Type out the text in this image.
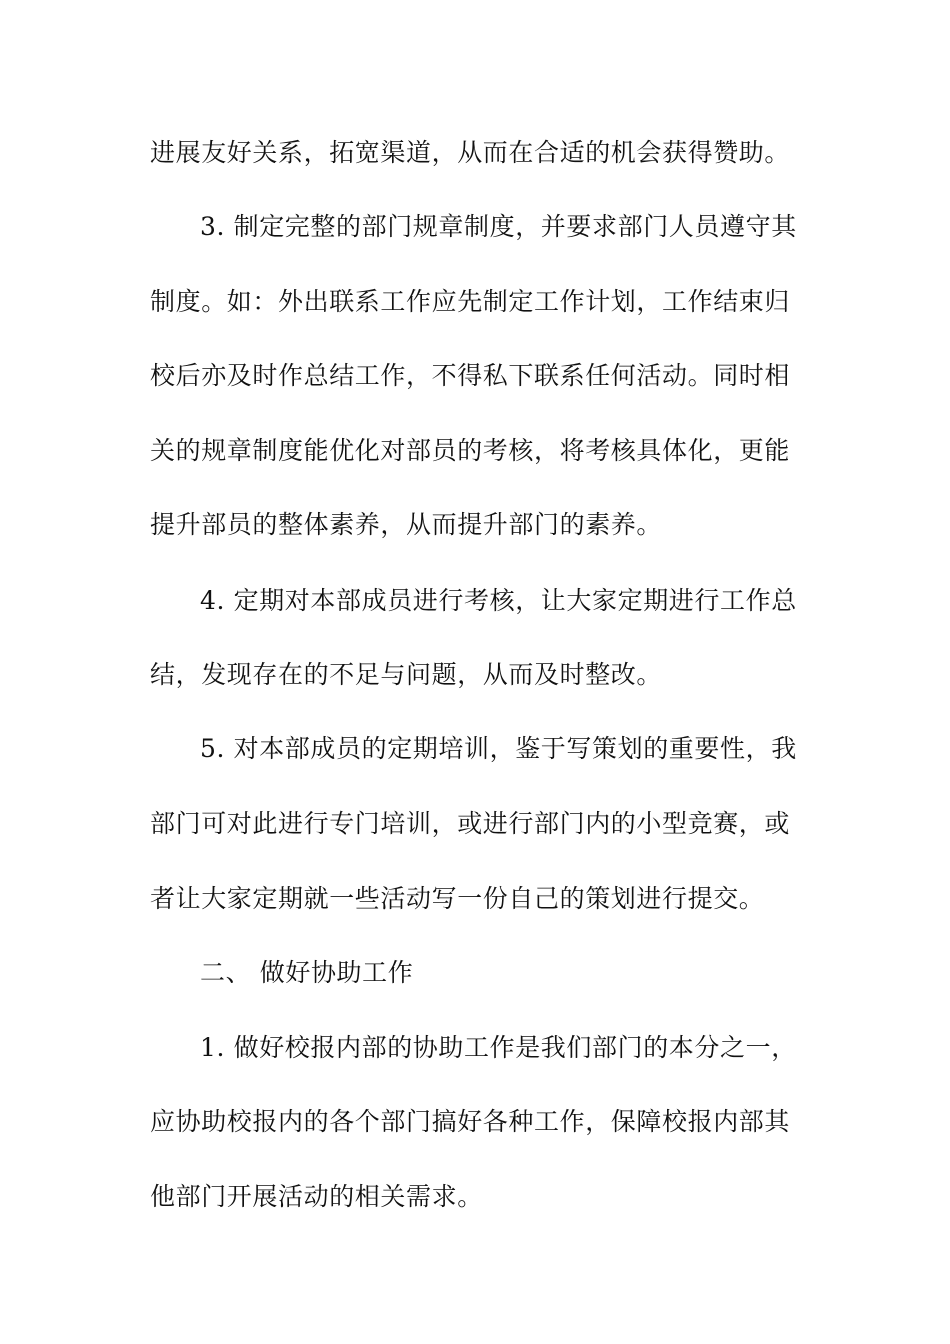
进展友好关系，拓宽渠道，从而在合适的机会获得赞助。
3. 制定完整的部门规章制度，并要求部门人员遵守其
制度。如：外出联系工作应先制定工作计划，工作结束归
校后亦及时作总结工作，不得私下联系任何活动。同时相
关的规章制度能优化对部员的考核，将考核具体化，更能
提升部员的整体素养，从而提升部门的素养。
4. 定期对本部成员进行考核，让大家定期进行工作总
结，发现存在的不足与问题，从而及时整改。
5. 对本部成员的定期培训，鉴于写策划的重要性，我
部门可对此进行专门培训，或进行部门内的小型竞赛，或
者让大家定期就一些活动写一份自己的策划进行提交。
二、 做好协助工作
1. 做好校报内部的协助工作是我们部门的本分之一，
应协助校报内的各个部门搞好各种工作，保障校报内部其
他部门开展活动的相关需求。
